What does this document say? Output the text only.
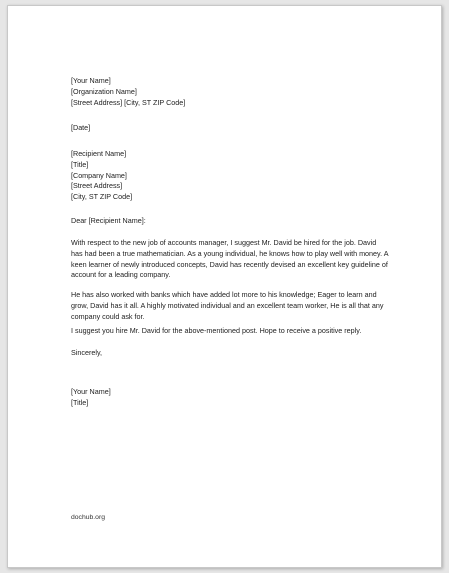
[Your Name]
[Organization Name]
[Street Address] [City, ST ZIP Code]
[Date]
[Recipient Name]
[Title]
[Company Name]
[Street Address]
[City, ST ZIP Code]
Dear [Recipient Name]:
With respect to the new job of accounts manager, I suggest Mr. David be hired for the job. David has had been a true mathematician. As a young individual, he knows how to play well with money. A keen learner of newly introduced concepts, David has recently devised an excellent key guideline of account for a leading company.
He has also worked with banks which have added lot more to his knowledge; Eager to learn and grow, David has it all. A highly motivated individual and an excellent team worker, He is all that any company could ask for.
I suggest you hire Mr. David for the above-mentioned post. Hope to receive a positive reply.
Sincerely,
[Your Name]
[Title]
dochub.org
